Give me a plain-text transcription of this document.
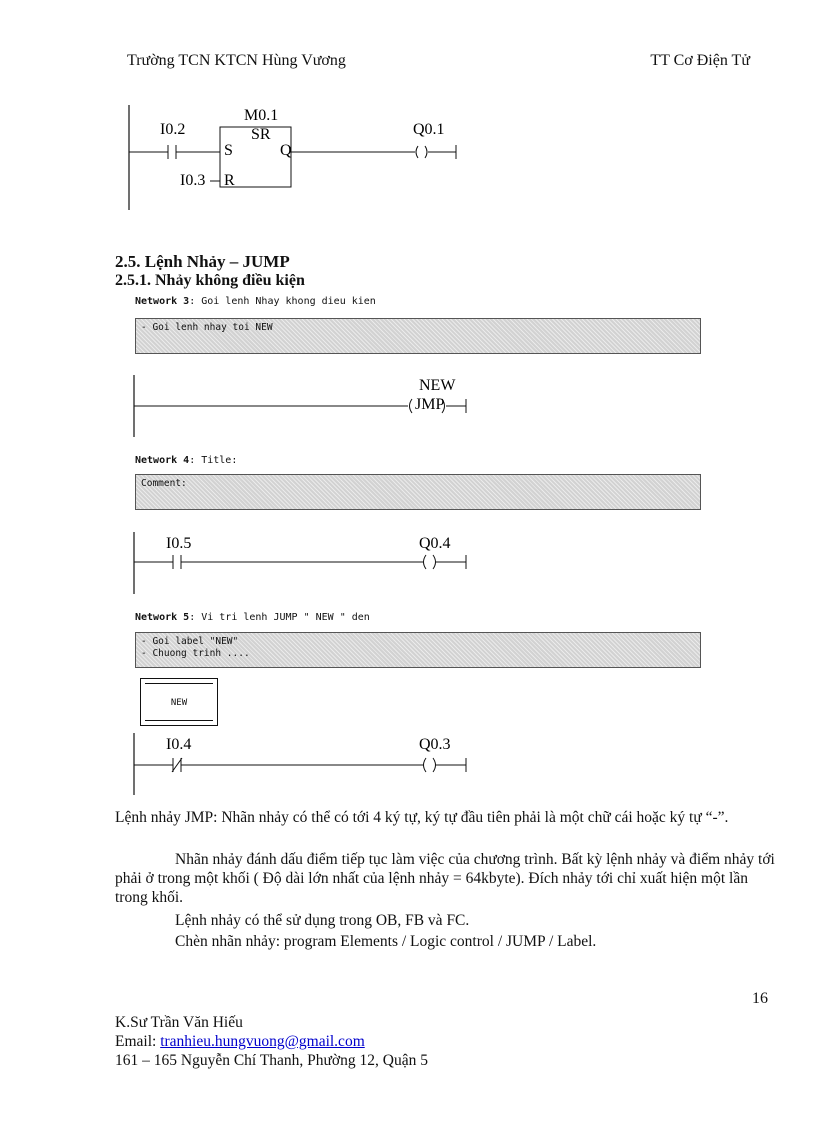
Trường TCN KTCN Hùng Vương	TT Cơ Điện Tử
I0.2
M0.1
SR
S
R
Q
I0.3
Q0.1
2.5. Lệnh Nhảy – JUMP
2.5.1. Nhảy không điều kiện
Network 3: Goi lenh Nhay khong dieu kien
- Goi lenh nhay toi NEW
JMP
NEW
Network 4: Title:
Comment:
I0.5	Q0.4
Network 5: Vi tri lenh JUMP " NEW " den
- Goi label "NEW"
- Chuong trinh ....
NEW
I0.4	Q0.3
Lệnh nhảy JMP: Nhãn nhảy có thể có tới 4 ký tự, ký tự đầu tiên phải là một chữ cái hoặc ký tự “-”.
Nhãn nhảy đánh dấu điểm tiếp tục làm việc của chương trình. Bất kỳ lệnh nhảy và điểm nhảy tới phải ở trong một khối ( Độ dài lớn nhất của lệnh nhảy = 64kbyte). Đích nhảy tới chỉ xuất hiện một lần trong khối.
Lệnh nhảy có thể sử dụng trong OB, FB và FC.
Chèn nhãn nhảy: program Elements / Logic control / JUMP / Label.
16
K.Sư Trần Văn Hiếu
Email: tranhieu.hungvuong@gmail.com
161 – 165 Nguyễn Chí Thanh, Phường 12, Quận 5
